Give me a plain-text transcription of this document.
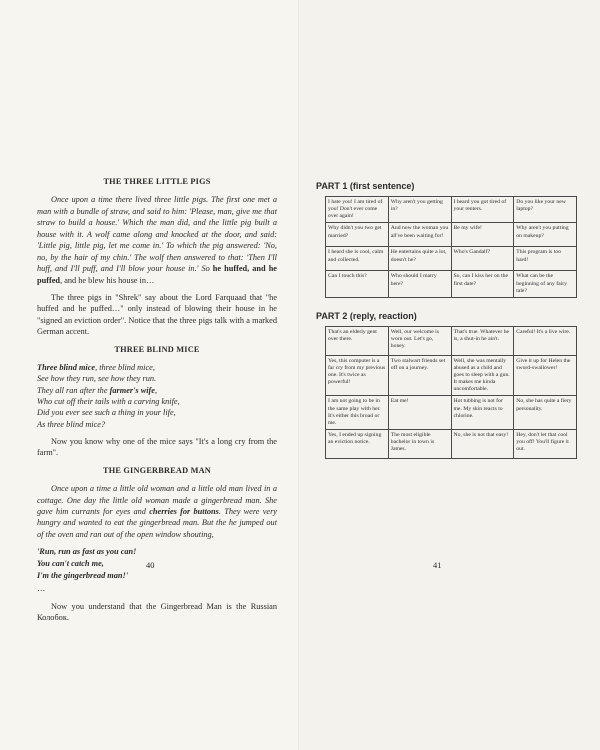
THE THREE LITTLE PIGS

Once upon a time there lived three little pigs. The first one met a man with a bundle of straw, and said to him: 'Please, man, give me that straw to build a house.' Which the man did, and the little pig built a house with it. A wolf came along and knocked at the door, and said: 'Little pig, little pig, let me come in.' To which the pig answered: 'No, no, by the hair of my chin.' The wolf then answered to that: 'Then I'll huff, and I'll puff, and I'll blow your house in.' So he huffed, and he puffed, and he blew his house in…

The three pigs in "Shrek" say about the Lord Farquaad that "he huffed and he puffed…" only instead of blowing their house in he "signed an eviction order". Notice that the three pigs talk with a marked German accent.

THREE BLIND MICE
Three blind mice, three blind mice,
See how they run, see how they run.
They all ran after the farmer's wife,
Who cut off their tails with a carving knife,
Did you ever see such a thing in your life,
As three blind mice?

Now you know why one of the mice says "It's a long cry from the farm".

THE GINGERBREAD MAN

Once upon a time a little old woman and a little old man lived in a cottage. One day the little old woman made a gingerbread man. She gave him currants for eyes and cherries for buttons. They were very hungry and wanted to eat the gingerbread man. But the he jumped out of the oven and ran out of the open window shouting,

'Run, run as fast as you can!
You can't catch me,
I'm the gingerbread man!'
…

Now you understand that the Gingerbread Man is the Russian Колобок.

40
PART 1 (first sentence)
I hate you! I am tired of you! Don't ever come over again!	Why aren't you getting in?	I heard you got tired of your renters.	Do you like your new laptop?
Why didn't you two get married?	And now the woman you all've been waiting for!	Be my wife!	Why aren't you putting on makeup?
I heard she is cool, calm and collected.	He entertains quite a lot, doesn't he?	Who's Gandalf?	This program is too hard!
Can I touch this?	Who should I marry here?	So, can I kiss her on the first date?	What can be the beginning of any fairy tale?
PART 2 (reply, reaction)
That's an elderly gent over there.	Well, our welcome is worn out. Let's go, honey.	That's true. Whatever he is, a shut-in he ain't.	Careful! It's a live wire.
Yes, this computer is a far cry from my previous one. It's twice as powerful!	Two stalwart friends set off on a journey.	Well, she was mentally abused as a child and goes to sleep with a gun. It makes me kinda uncomfortable.	Give it up for Helen the sword-swallower!
I am not going to be in the same play with her. It's either this broad or me.	Eat me!	Hot tubbing is not for me. My skin reacts to chlorine.	No, she has quite a fiery personality.
Yes, I ended up signing an eviction notice.	The most eligible bachelor in town is James.	No, she is not that easy!	Hey, don't let that cool you off! You'll figure it out.
41
